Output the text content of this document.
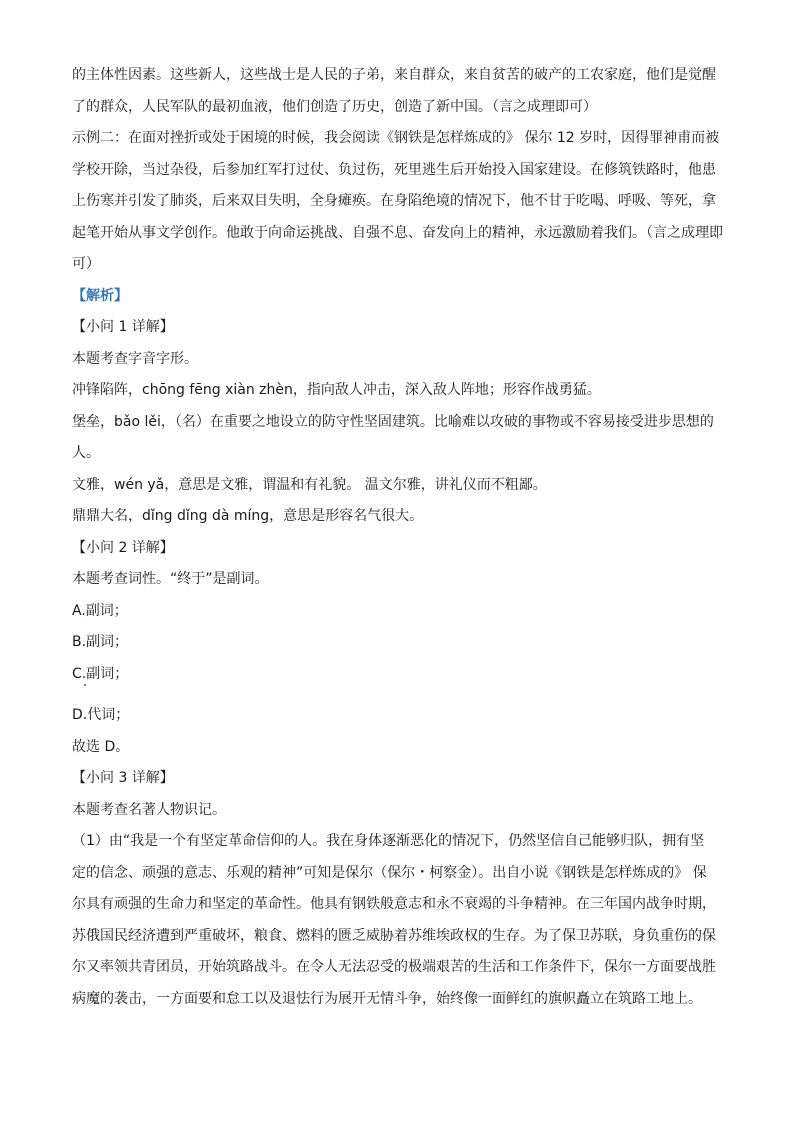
的主体性因素。这些新人，这些战士是人民的子弟，来自群众，来自贫苦的破产的工农家庭，他们是觉醒
了的群众，人民军队的最初血液，他们创造了历史，创造了新中国。（言之成理即可）
示例二：在面对挫折或处于困境的时候，我会阅读《钢铁是怎样炼成的》 保尔 12 岁时，因得罪神甫而被
学校开除，当过杂役，后参加红军打过仗、负过伤，死里逃生后开始投入国家建设。在修筑铁路时，他患
上伤寒并引发了肺炎，后来双目失明，全身瘫痪。在身陷绝境的情况下，他不甘于吃喝、呼吸、等死，拿
起笔开始从事文学创作。他敢于向命运挑战、自强不息、奋发向上的精神，永远激励着我们。（言之成理即
可）
【解析】
【小问 1 详解】
本题考查字音字形。
冲锋陷阵，chōng fēng xiàn zhèn，指向敌人冲击，深入敌人阵地；形容作战勇猛。
堡垒，bǎo lěi，（名）在重要之地设立的防守性坚固建筑。比喻难以攻破的事物或不容易接受进步思想的
人。
文雅，wén yǎ，意思是文雅，谓温和有礼貌。 温文尔雅，讲礼仪而不粗鄙。
鼎鼎大名，dǐng dǐng dà míng，意思是形容名气很大。
【小问 2 详解】
本题考查词性。“终于”是副词。
A.副词；
B.副词；
C.副词；
D.代词；
故选 D。
【小问 3 详解】
本题考查名著人物识记。
（1）由“我是一个有坚定革命信仰的人。我在身体逐渐恶化的情况下，仍然坚信自己能够归队，拥有坚
定的信念、顽强的意志、乐观的精神”可知是保尔（保尔・柯察金）。出自小说《钢铁是怎样炼成的》 保
尔具有顽强的生命力和坚定的革命性。他具有钢铁般意志和永不衰竭的斗争精神。在三年国内战争时期，
苏俄国民经济遭到严重破坏，粮食、燃料的匮乏威胁着苏维埃政权的生存。为了保卫苏联，身负重伤的保
尔又率领共青团员，开始筑路战斗。在令人无法忍受的极端艰苦的生活和工作条件下，保尔一方面要战胜
病魔的袭击，一方面要和怠工以及退怯行为展开无情斗争，始终像一面鲜红的旗帜矗立在筑路工地上。
